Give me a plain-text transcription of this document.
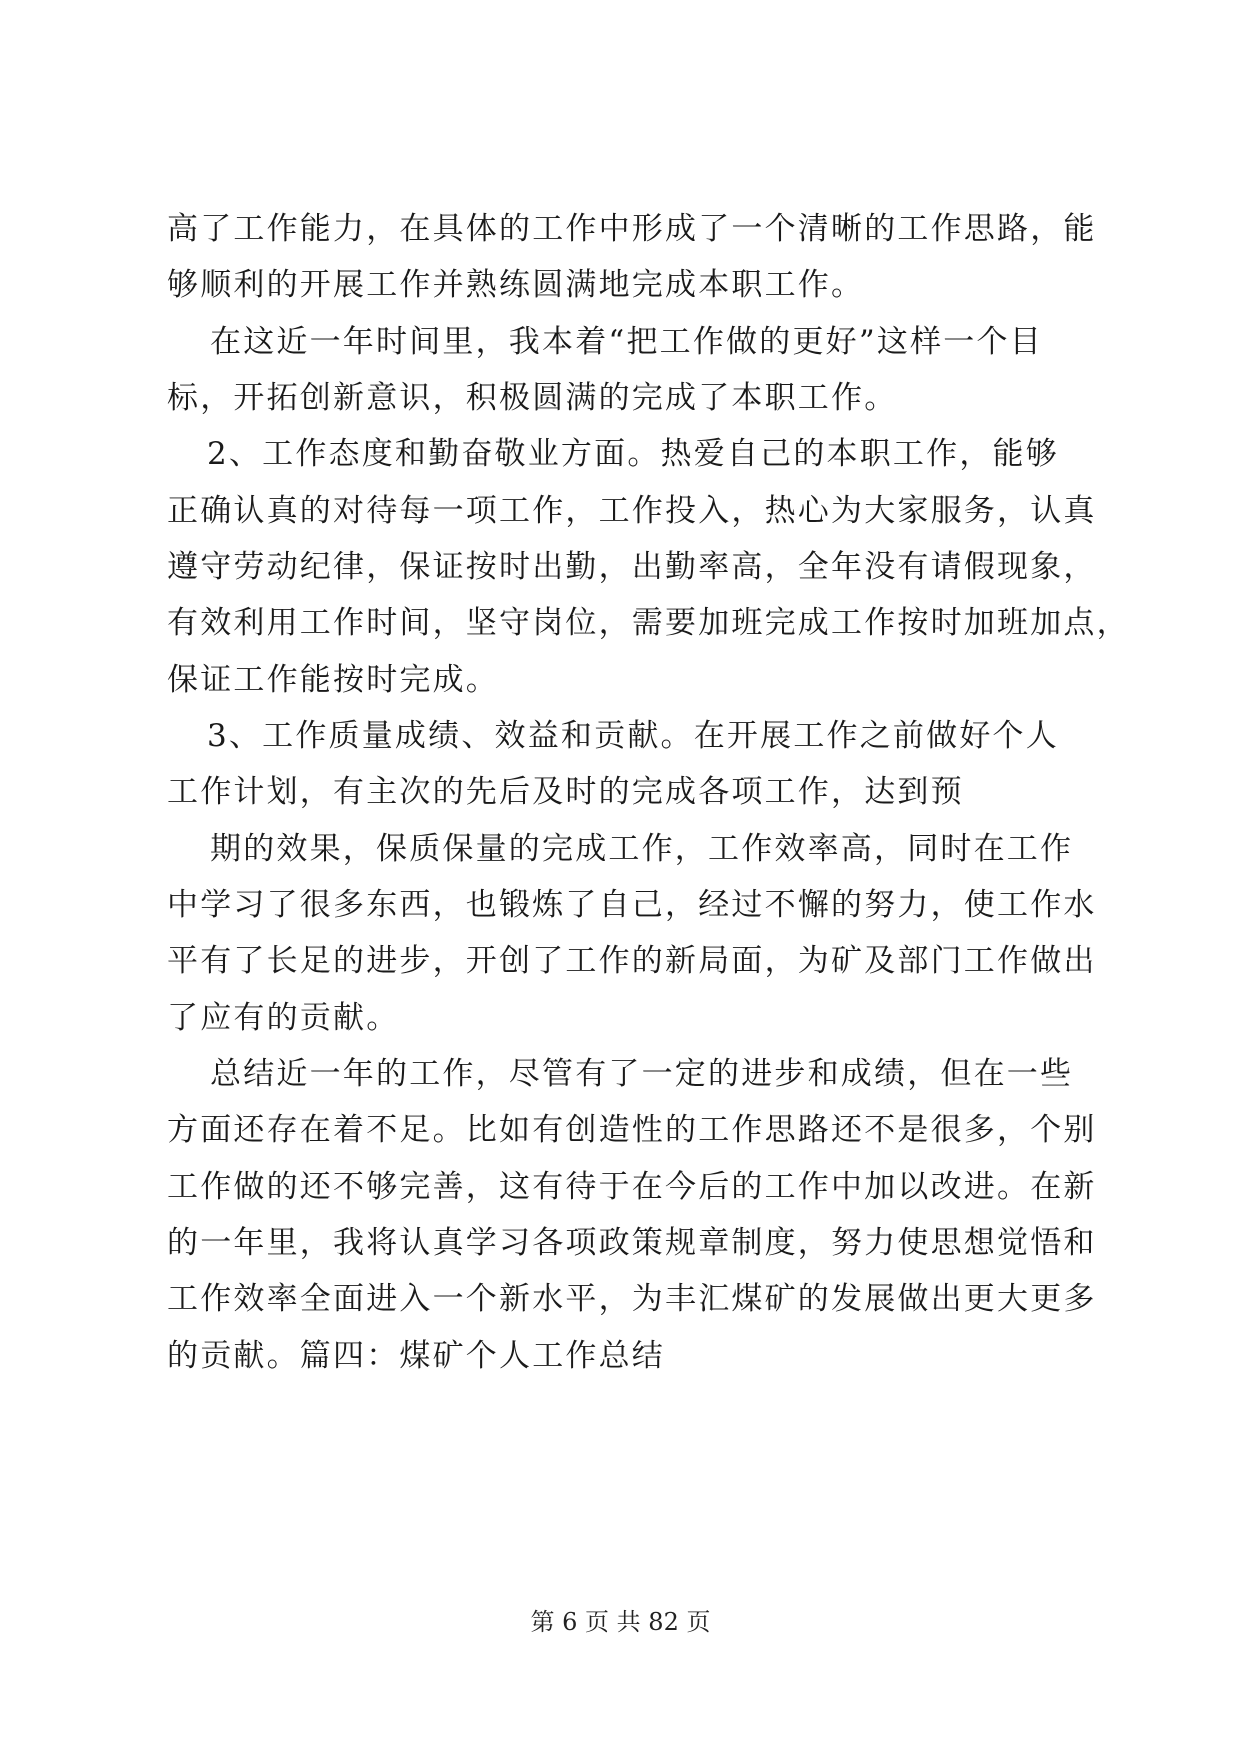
高了工作能力，在具体的工作中形成了一个清晰的工作思路，能
够顺利的开展工作并熟练圆满地完成本职工作。
在这近一年时间里，我本着“把工作做的更好”这样一个目
标，开拓创新意识，积极圆满的完成了本职工作。
2、工作态度和勤奋敬业方面。热爱自己的本职工作，能够
正确认真的对待每一项工作，工作投入，热心为大家服务，认真
遵守劳动纪律，保证按时出勤，出勤率高，全年没有请假现象，
有效利用工作时间，坚守岗位，需要加班完成工作按时加班加点，
保证工作能按时完成。
3、工作质量成绩、效益和贡献。在开展工作之前做好个人
工作计划，有主次的先后及时的完成各项工作，达到预
期的效果，保质保量的完成工作，工作效率高，同时在工作
中学习了很多东西，也锻炼了自己，经过不懈的努力，使工作水
平有了长足的进步，开创了工作的新局面，为矿及部门工作做出
了应有的贡献。
总结近一年的工作，尽管有了一定的进步和成绩，但在一些
方面还存在着不足。比如有创造性的工作思路还不是很多，个别
工作做的还不够完善，这有待于在今后的工作中加以改进。在新
的一年里，我将认真学习各项政策规章制度，努力使思想觉悟和
工作效率全面进入一个新水平，为丰汇煤矿的发展做出更大更多
的贡献。篇四：煤矿个人工作总结
第 6 页 共 82 页
